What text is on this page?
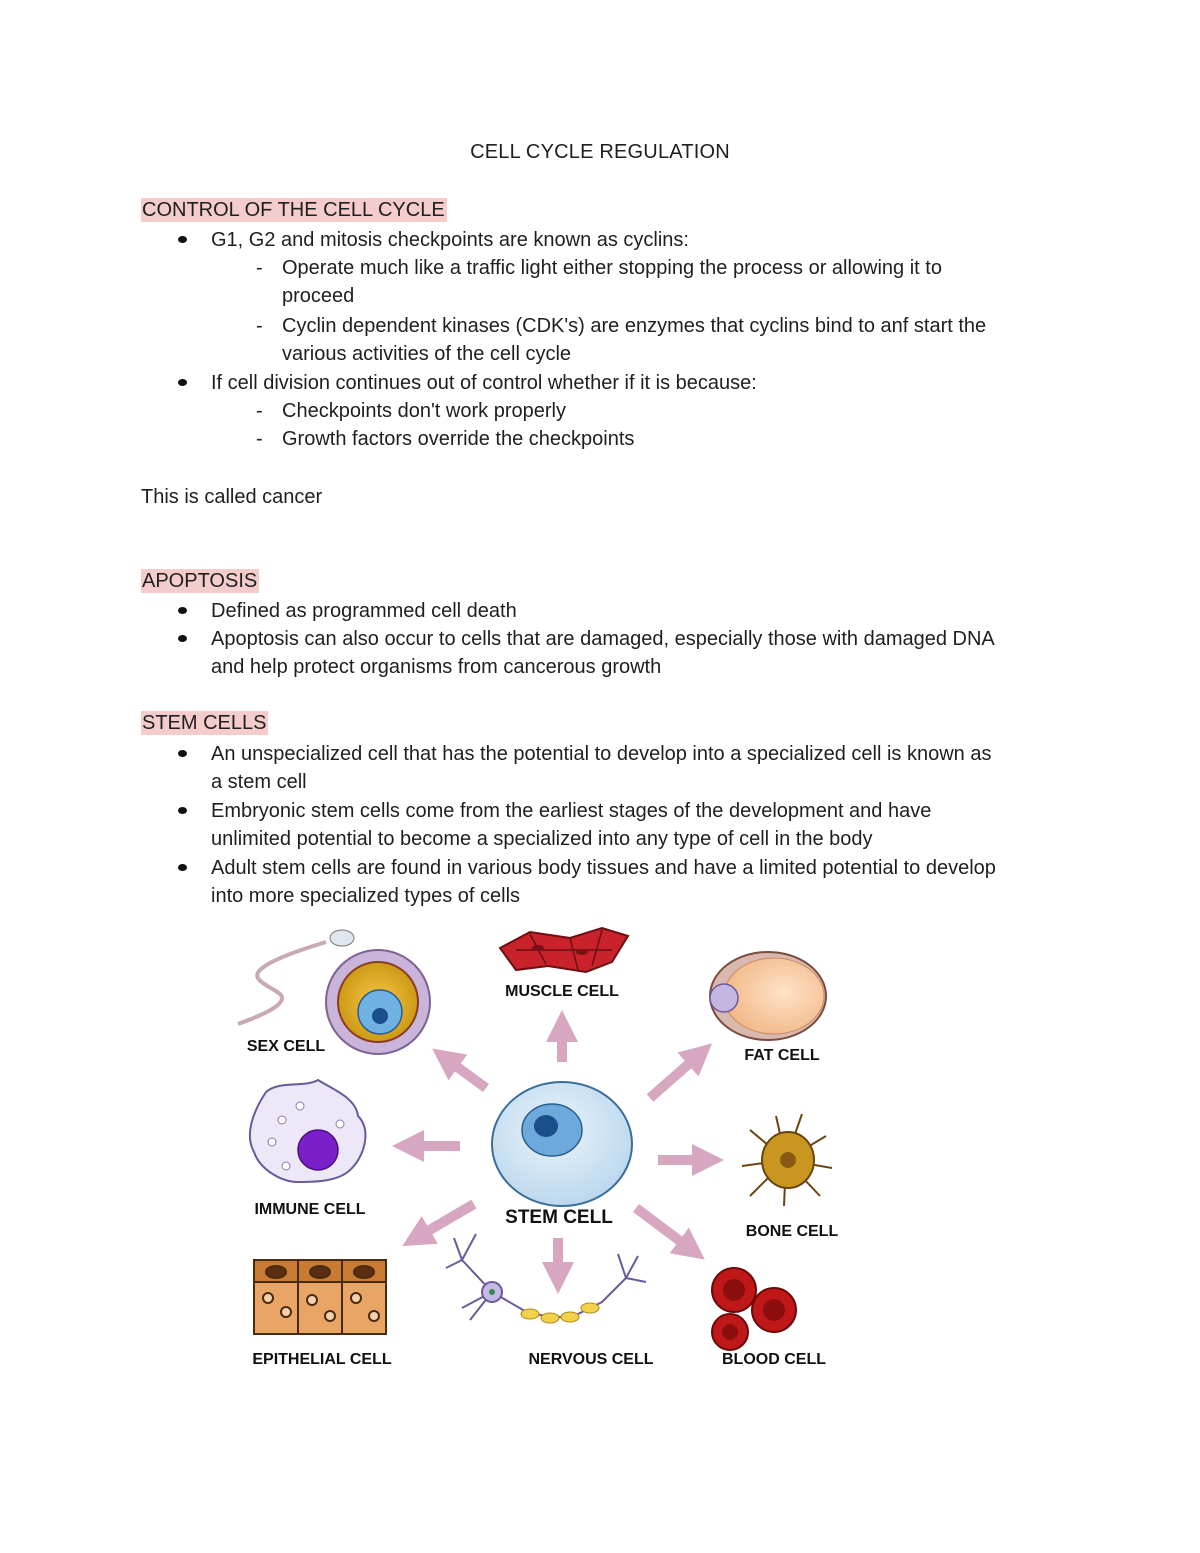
CELL CYCLE REGULATION
CONTROL OF THE CELL CYCLE
G1, G2 and mitosis checkpoints are known as cyclins:
- Operate much like a traffic light either stopping the process or allowing it to
proceed
- Cyclin dependent kinases (CDK's) are enzymes that cyclins bind to anf start the
various activities of the cell cycle
If cell division continues out of control whether if it is because:
- Checkpoints don't work properly
- Growth factors override the checkpoints
This is called cancer
APOPTOSIS
Defined as programmed cell death
Apoptosis can also occur to cells that are damaged, especially those with damaged DNA
and help protect organisms from cancerous growth
STEM CELLS
An unspecialized cell that has the potential to develop into a specialized cell is known as
a stem cell
Embryonic stem cells come from the earliest stages of the development and have
unlimited potential to become a specialized into any type of cell in the body
Adult stem cells are found in various body tissues and have a limited potential to develop
into more specialized types of cells
STEM CELL
MUSCLE CELL
SEX CELL
FAT CELL
IMMUNE CELL
BONE CELL
EPITHELIAL CELL	NERVOUS CELL	BLOOD CELL
